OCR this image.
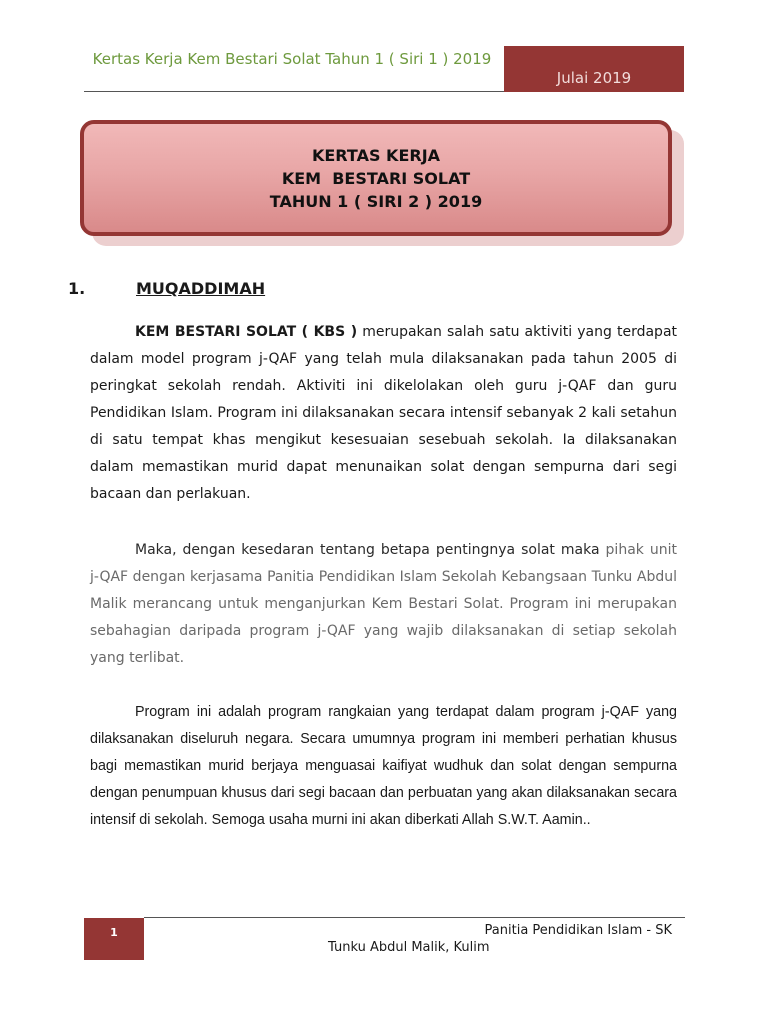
Kertas Kerja Kem Bestari Solat Tahun 1 ( Siri 1 ) 2019
Julai 2019
KERTAS KERJA
KEM  BESTARI SOLAT
TAHUN 1 ( SIRI 2 ) 2019
1.	MUQADDIMAH

KEM BESTARI SOLAT ( KBS ) merupakan salah satu aktiviti yang terdapat dalam model program j-QAF yang telah mula dilaksanakan pada tahun 2005 di peringkat sekolah rendah. Aktiviti ini dikelolakan oleh guru j-QAF dan guru Pendidikan Islam. Program ini dilaksanakan secara intensif sebanyak 2 kali setahun di satu tempat khas mengikut kesesuaian sesebuah sekolah. Ia dilaksanakan dalam memastikan murid dapat menunaikan solat dengan sempurna dari segi bacaan dan perlakuan.

Maka, dengan kesedaran tentang betapa pentingnya solat maka pihak unit j-QAF dengan kerjasama Panitia Pendidikan Islam Sekolah Kebangsaan Tunku Abdul Malik merancang untuk menganjurkan Kem Bestari Solat. Program ini merupakan sebahagian daripada program j-QAF yang wajib dilaksanakan di setiap sekolah yang terlibat.

Program ini adalah program rangkaian yang terdapat dalam program j-QAF yang dilaksanakan diseluruh negara. Secara umumnya program ini memberi perhatian khusus bagi memastikan murid berjaya menguasai kaifiyat wudhuk dan solat dengan sempurna dengan penumpuan khusus dari segi bacaan dan perbuatan yang akan dilaksanakan secara intensif di sekolah. Semoga usaha murni ini akan diberkati Allah S.W.T. Aamin..

1	Panitia Pendidikan Islam - SK
Tunku Abdul Malik, Kulim
